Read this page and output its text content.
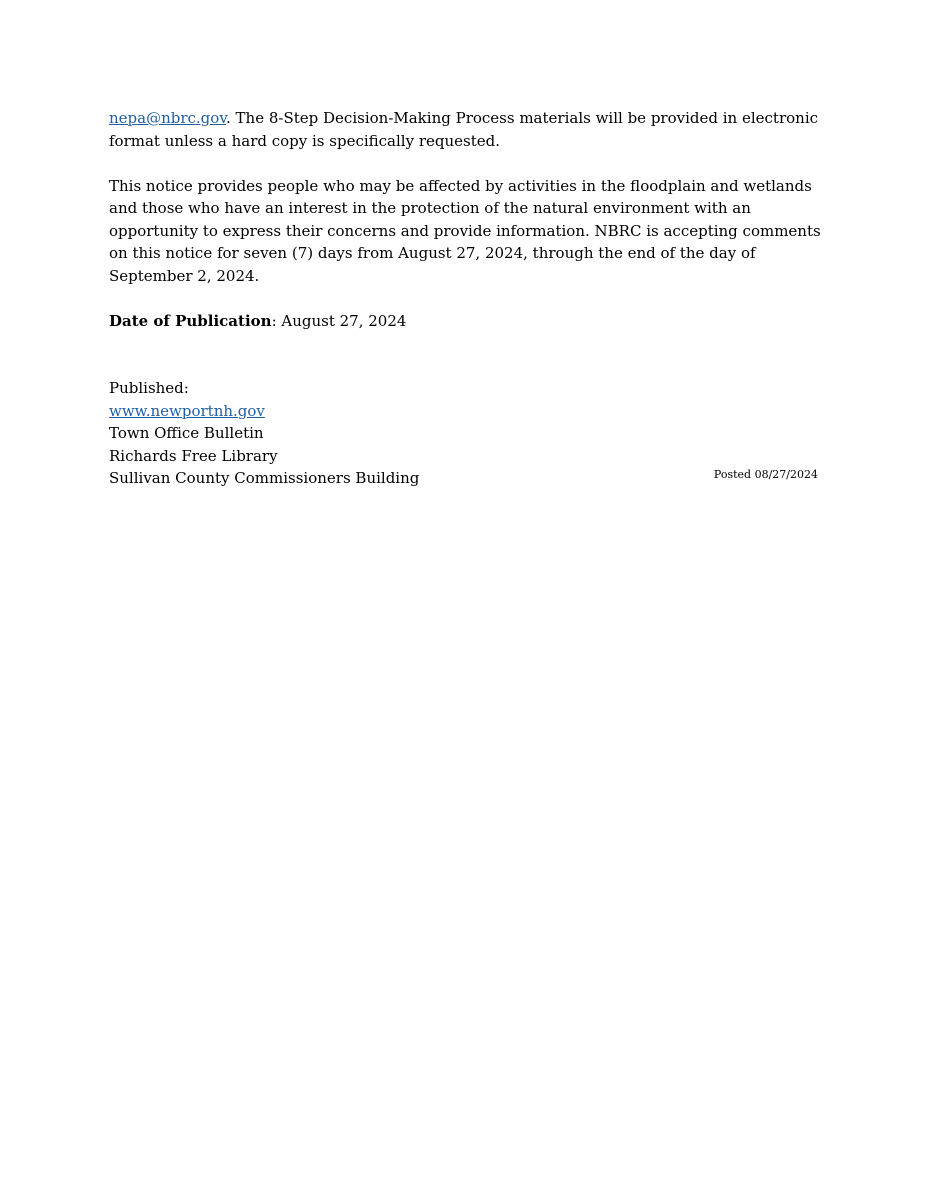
nepa@nbrc.gov. The 8-Step Decision-Making Process materials will be provided in electronic format unless a hard copy is specifically requested.

This notice provides people who may be affected by activities in the floodplain and wetlands and those who have an interest in the protection of the natural environment with an opportunity to express their concerns and provide information. NBRC is accepting comments on this notice for seven (7) days from August 27, 2024, through the end of the day of September 2, 2024.

Date of Publication: August 27, 2024

Published:
www.newportnh.gov
Town Office Bulletin
Richards Free Library
Sullivan County Commissioners Building	Posted 08/27/2024
